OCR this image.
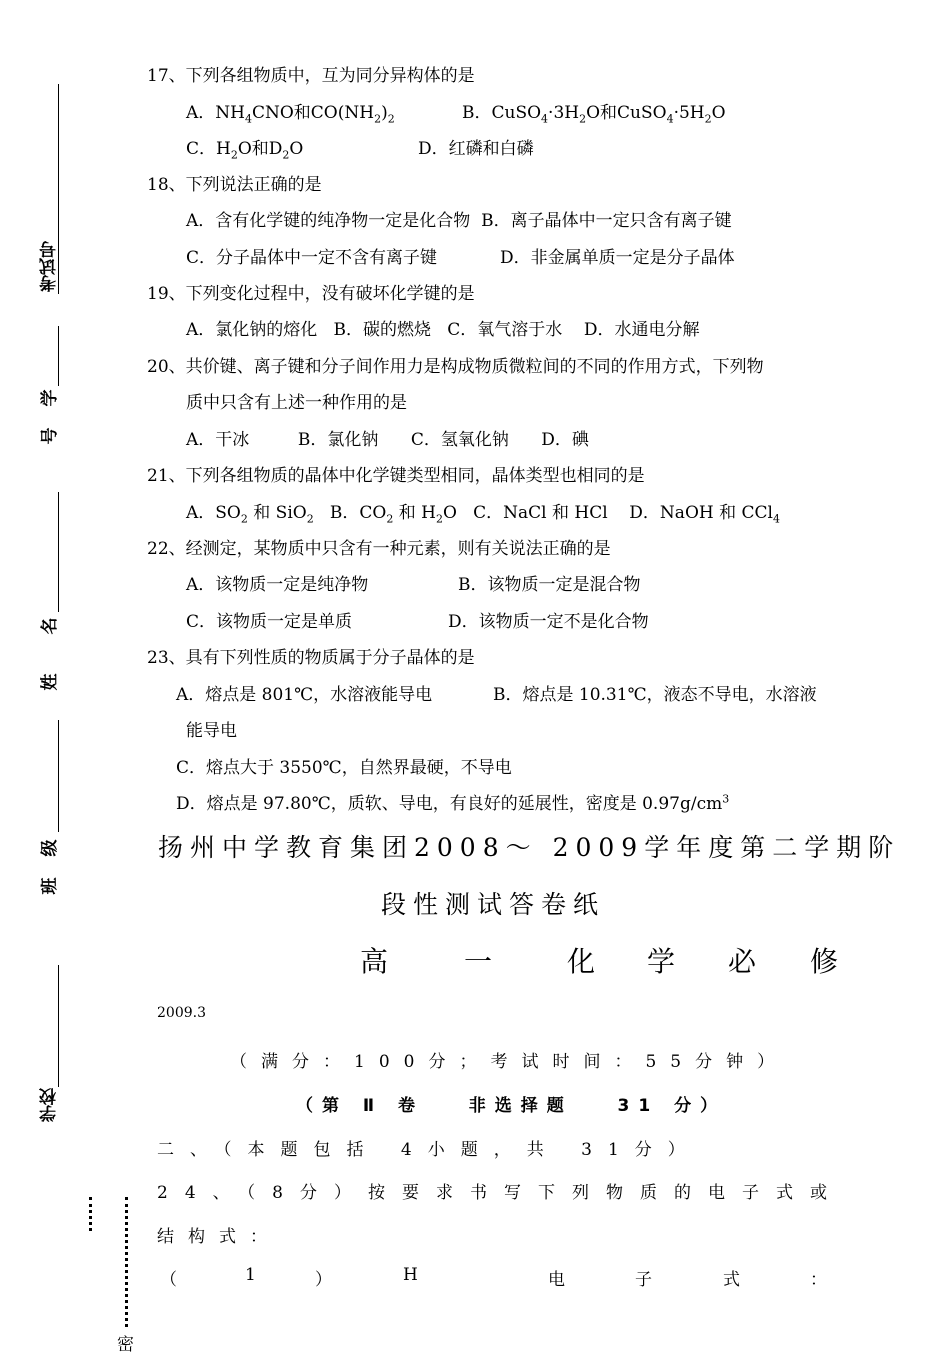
考试号
学
号
名
姓
级
班
学校
密
17、下列各组物质中，互为同分异构体的是
A．$NH_4CNO$和$CO(NH_2)_2$	B．$CuSO_4\cdot 3H_2O$和$CuSO_4\cdot 5H_2O$
C．$H_2O$和$D_2O$	D．红磷和白磷
18、下列说法正确的是
A．含有化学键的纯净物一定是化合物  B．离子晶体中一定只含有离子键
C．分子晶体中一定不含有离子键	D．非金属单质一定是分子晶体
19、下列变化过程中，没有破坏化学键的是
A．氯化钠的熔化   B．碳的燃烧   C．氧气溶于水    D．水通电分解
20、共价键、离子键和分子间作用力是构成物质微粒间的不同的作用方式，下列物
质中只含有上述一种作用的是
A．干冰         B．氯化钠      C．氢氧化钠      D．碘
21、下列各组物质的晶体中化学键类型相同，晶体类型也相同的是
A．$SO_2$ 和 SiO$_2$   B．$CO_2$ 和 $H_2O$   C．NaCl 和 HCl    D．NaOH 和 CCl$_4$
22、经测定，某物质中只含有一种元素，则有关说法正确的是
A．该物质一定是纯净物	B．该物质一定是混合物
C．该物质一定是单质	D．该物质一定不是化合物
23、具有下列性质的物质属于分子晶体的是
A．熔点是 801℃，水溶液能导电	B．熔点是 10.31℃，液态不导电，水溶液
能导电
C．熔点大于 3550℃，自然界最硬，不导电
D．熔点是 97.80℃，质软、导电，有良好的延展性，密度是 $0.97g/cm^3$
扬州中学教育集团2008～ 2009学年度第二学期阶
段性测试答卷纸
高	一	化 学 必 修
2009.3
（满分：100分；考试时间：55分钟）
（第 Ⅱ 卷   非选择题   31 分）
二、（本题包括 4小题，共 31分）
24、（8分）按要求书写下列物质的电子式或
结构式：
（	1	）	H	电	子	式	：
